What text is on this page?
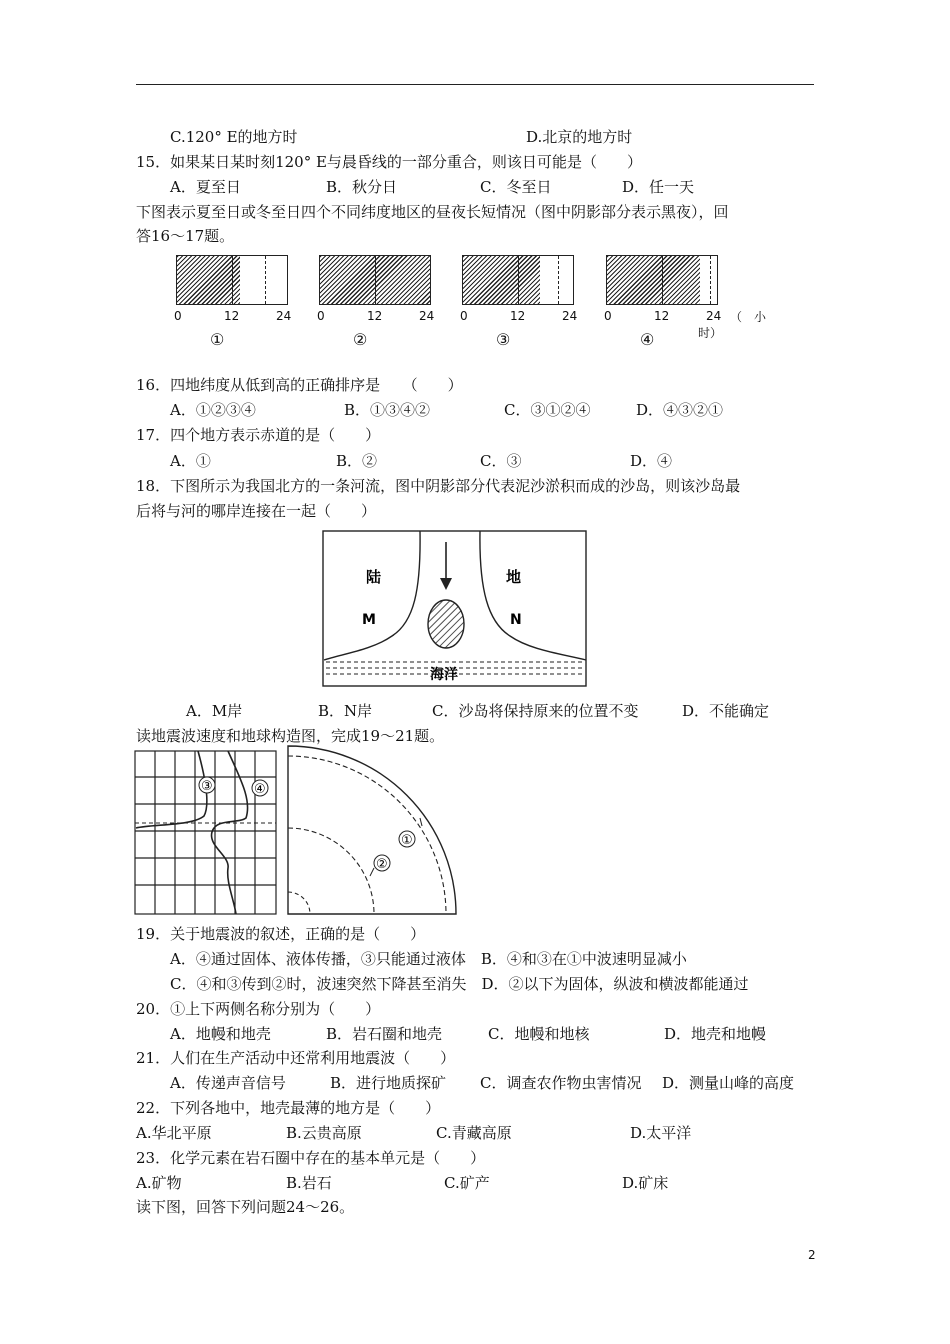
C.120° E的地方时	D.北京的地方时
15．如果某日某时刻120° E与晨昏线的一部分重合，则该日可能是（　　）
A．夏至日	B．秋分日	C．冬至日	D．任一天
下图表示夏至日或冬至日四个不同纬度地区的昼夜长短情况（图中阴影部分表示黑夜），回
答16～17题。
0	12	24
①
0	12	24
②
0	12	24
③
0	12	24
④
（　小
时）
16．四地纬度从低到高的正确排序是　　（　　）
A．①②③④	B．①③④②	C．③①②④	D．④③②①
17．四个地方表示赤道的是（　　）
A．①	B．②	C．③	D．④
18．下图所示为我国北方的一条河流，图中阴影部分代表泥沙淤积而成的沙岛，则该沙岛最
后将与河的哪岸连接在一起（　　）
陆	地
M	N
海洋
A．M岸	B．N岸	C．沙岛将保持原来的位置不变	D．不能确定
读地震波速度和地球构造图，完成19～21题。
③	④
①
②
19．关于地震波的叙述，正确的是（　　）
A．④通过固体、液体传播，③只能通过液体　B．④和③在①中波速明显减小
C．④和③传到②时，波速突然下降甚至消失　D．②以下为固体，纵波和横波都能通过
20．①上下两侧名称分别为（　　）
A．地幔和地壳	B．岩石圈和地壳	C．地幔和地核	D．地壳和地幔
21．人们在生产活动中还常利用地震波（　　）
A．传递声音信号	B．进行地质探矿 C．调查农作物虫害情况 D．测量山峰的高度
22．下列各地中，地壳最薄的地方是（　　）
A.华北平原	B.云贵高原	C.青藏高原	D.太平洋
23．化学元素在岩石圈中存在的基本单元是（　　）
A.矿物	B.岩石	C.矿产	D.矿床
读下图，回答下列问题24～26。
2
